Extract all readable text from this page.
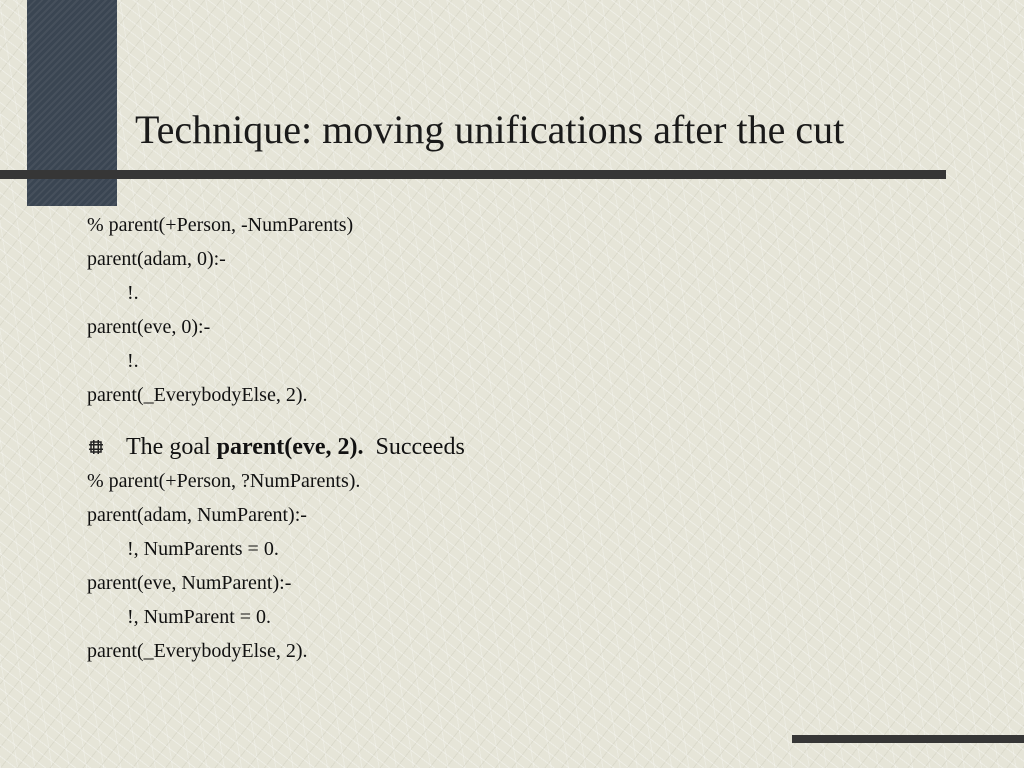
Technique: moving unifications after the cut
% parent(+Person, -NumParents)
parent(adam, 0):-
!.
parent(eve, 0):-
!.
parent(_EverybodyElse, 2).
The goal parent(eve, 2).  Succeeds
% parent(+Person, ?NumParents).
parent(adam, NumParent):-
!, NumParents = 0.
parent(eve, NumParent):-
!, NumParent = 0.
parent(_EverybodyElse, 2).
